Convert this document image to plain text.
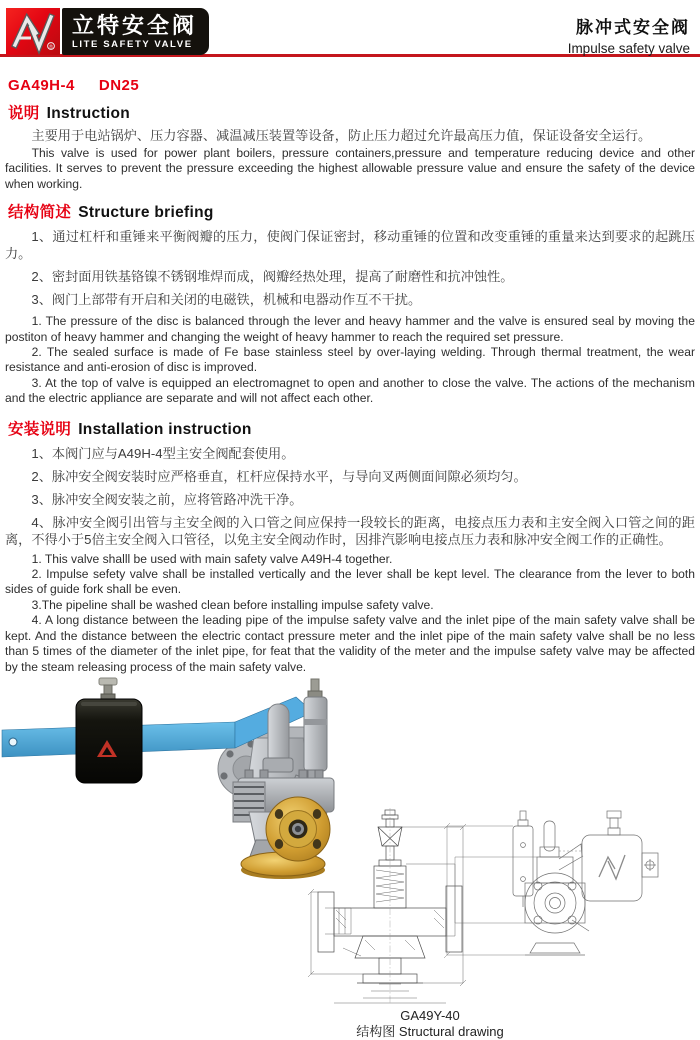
®
立特安全阀
LITE SAFETY VALVE
脉冲式安全阀
Impulse safety valve
GA49H-4 DN25
说明 Instruction

主要用于电站锅炉、压力容器、减温减压装置等设备，防止压力超过允许最高压力值，保证设备安全运行。

This valve is used for power plant boilers, pressure containers,pressure and temperature reducing device and other facilities. It serves to prevent the pressure exceeding the highest allowable pressure value and ensure the safety of the device when working.

结构简述 Structure briefing

1、通过杠杆和重锤来平衡阀瓣的压力，使阀门保证密封，移动重锤的位置和改变重锤的重量来达到要求的起跳压力。

2、密封面用铁基铬镍不锈钢堆焊而成，阀瓣经热处理，提高了耐磨性和抗冲蚀性。

3、阀门上部带有开启和关闭的电磁铁，机械和电器动作互不干扰。

1. The pressure of the disc is balanced through the lever and heavy hammer and the valve is ensured seal by moving the postiton of heavy hammer and changing the weight of heavy hammer to reach the required set pressure.

2. The sealed surface is made of Fe base stainless steel by over-laying welding. Through thermal treatment, the wear resistance and anti-erosion of disc is improved.

3. At the top of valve is equipped an electromagnet to open and another to close the valve. The actions of the mechanism and the electric appliance are separate and will not affect each other.

安装说明 Installation instruction

1、本阀门应与A49H-4型主安全阀配套使用。

2、脉冲安全阀安装时应严格垂直，杠杆应保持水平，与导向叉两侧面间隙必须均匀。

3、脉冲安全阀安装之前，应将管路冲洗干净。

4、脉冲安全阀引出管与主安全阀的入口管之间应保持一段较长的距离，电接点压力表和主安全阀入口管之间的距离，不得小于5倍主安全阀入口管径，以免主安全阀动作时，因排汽影响电接点压力表和脉冲安全阀工作的正确性。

1. This valve shalll be used with main safety valve A49H-4 together.

2. Impulse sefety valve shall be installed vertically and the lever shall be kept level. The clearance from the lever to both sides of guide fork shall be even.

3.The pipeline shall be washed clean before installing impulse safety valve.

4. A long distance between the leading pipe of the impulse safety valve and the inlet pipe of the main safety valve shall be kept. And the distance between the electric contact pressure meter and the inlet pipe of the main safety valve shall be no less than 5 times of the diameter of the inlet pipe, for feat that the validity of the meter and the impulse safety valve may be affected by the steam releasing process of the main safety valve.

GA49Y-40
结构图 Structural drawing
